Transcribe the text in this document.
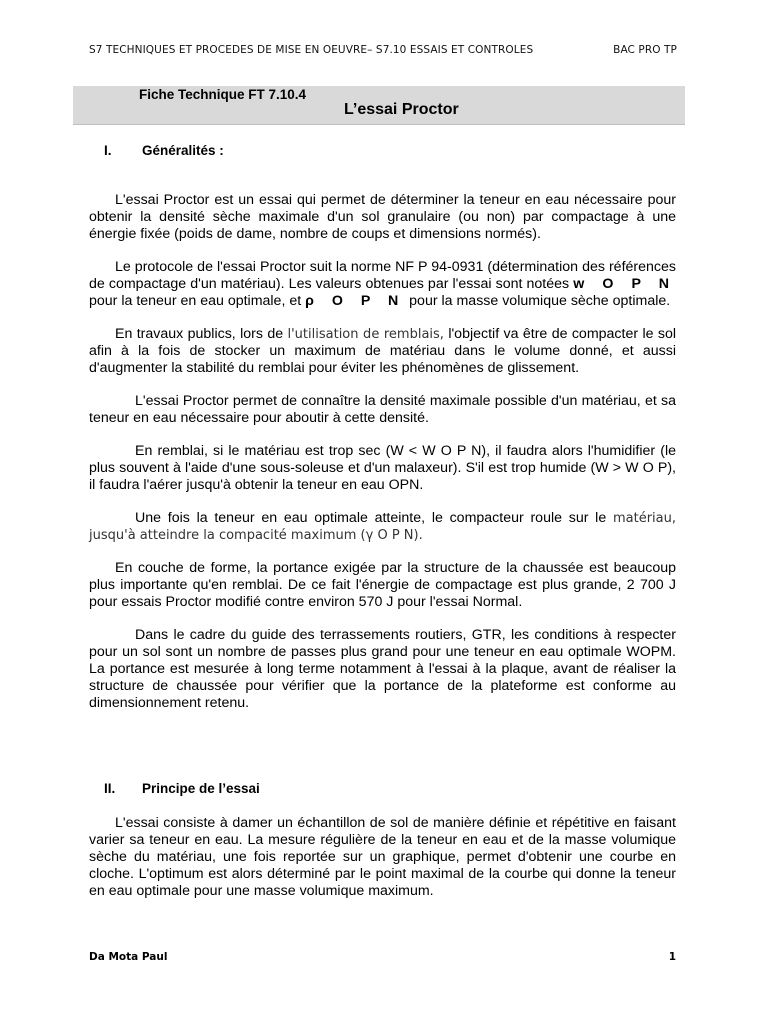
S7 TECHNIQUES ET PROCEDES DE MISE EN OEUVRE– S7.10 ESSAIS ET CONTROLES	BAC PRO TP
Fiche Technique FT 7.10.4
L’essai Proctor
I. Généralités :

L'essai Proctor est un essai qui permet de déterminer la teneur en eau nécessaire pour obtenir la densité sèche maximale d'un sol granulaire (ou non) par compactage à une énergie fixée (poids de dame, nombre de coups et dimensions normés).

Le protocole de l'essai Proctor suit la norme NF P 94-0931 (détermination des références de compactage d'un matériau). Les valeurs obtenues par l'essai sont notées w O P N pour la teneur en eau optimale, et ρ O P N pour la masse volumique sèche optimale.

En travaux publics, lors de l'utilisation de remblais, l'objectif va être de compacter le sol afin à la fois de stocker un maximum de matériau dans le volume donné, et aussi d'augmenter la stabilité du remblai pour éviter les phénomènes de glissement.

L'essai Proctor permet de connaître la densité maximale possible d'un matériau, et sa teneur en eau nécessaire pour aboutir à cette densité.

En remblai, si le matériau est trop sec (W < W O P N), il faudra alors l'humidifier (le plus souvent à l'aide d'une sous-soleuse et d'un malaxeur). S'il est trop humide (W > W O P), il faudra l'aérer jusqu'à obtenir la teneur en eau OPN.

Une fois la teneur en eau optimale atteinte, le compacteur roule sur le matériau, jusqu'à atteindre la compacité maximum (γ O P N).

En couche de forme, la portance exigée par la structure de la chaussée est beaucoup plus importante qu'en remblai. De ce fait l'énergie de compactage est plus grande, 2 700 J pour essais Proctor modifié contre environ 570 J pour l'essai Normal.

Dans le cadre du guide des terrassements routiers, GTR, les conditions à respecter pour un sol sont un nombre de passes plus grand pour une teneur en eau optimale WOPM. La portance est mesurée à long terme notamment à l'essai à la plaque, avant de réaliser la structure de chaussée pour vérifier que la portance de la plateforme est conforme au dimensionnement retenu.

II. Principe de l’essai

L'essai consiste à damer un échantillon de sol de manière définie et répétitive en faisant varier sa teneur en eau. La mesure régulière de la teneur en eau et de la masse volumique sèche du matériau, une fois reportée sur un graphique, permet d'obtenir une courbe en cloche. L'optimum est alors déterminé par le point maximal de la courbe qui donne la teneur en eau optimale pour une masse volumique maximum.

Da Mota Paul	1
